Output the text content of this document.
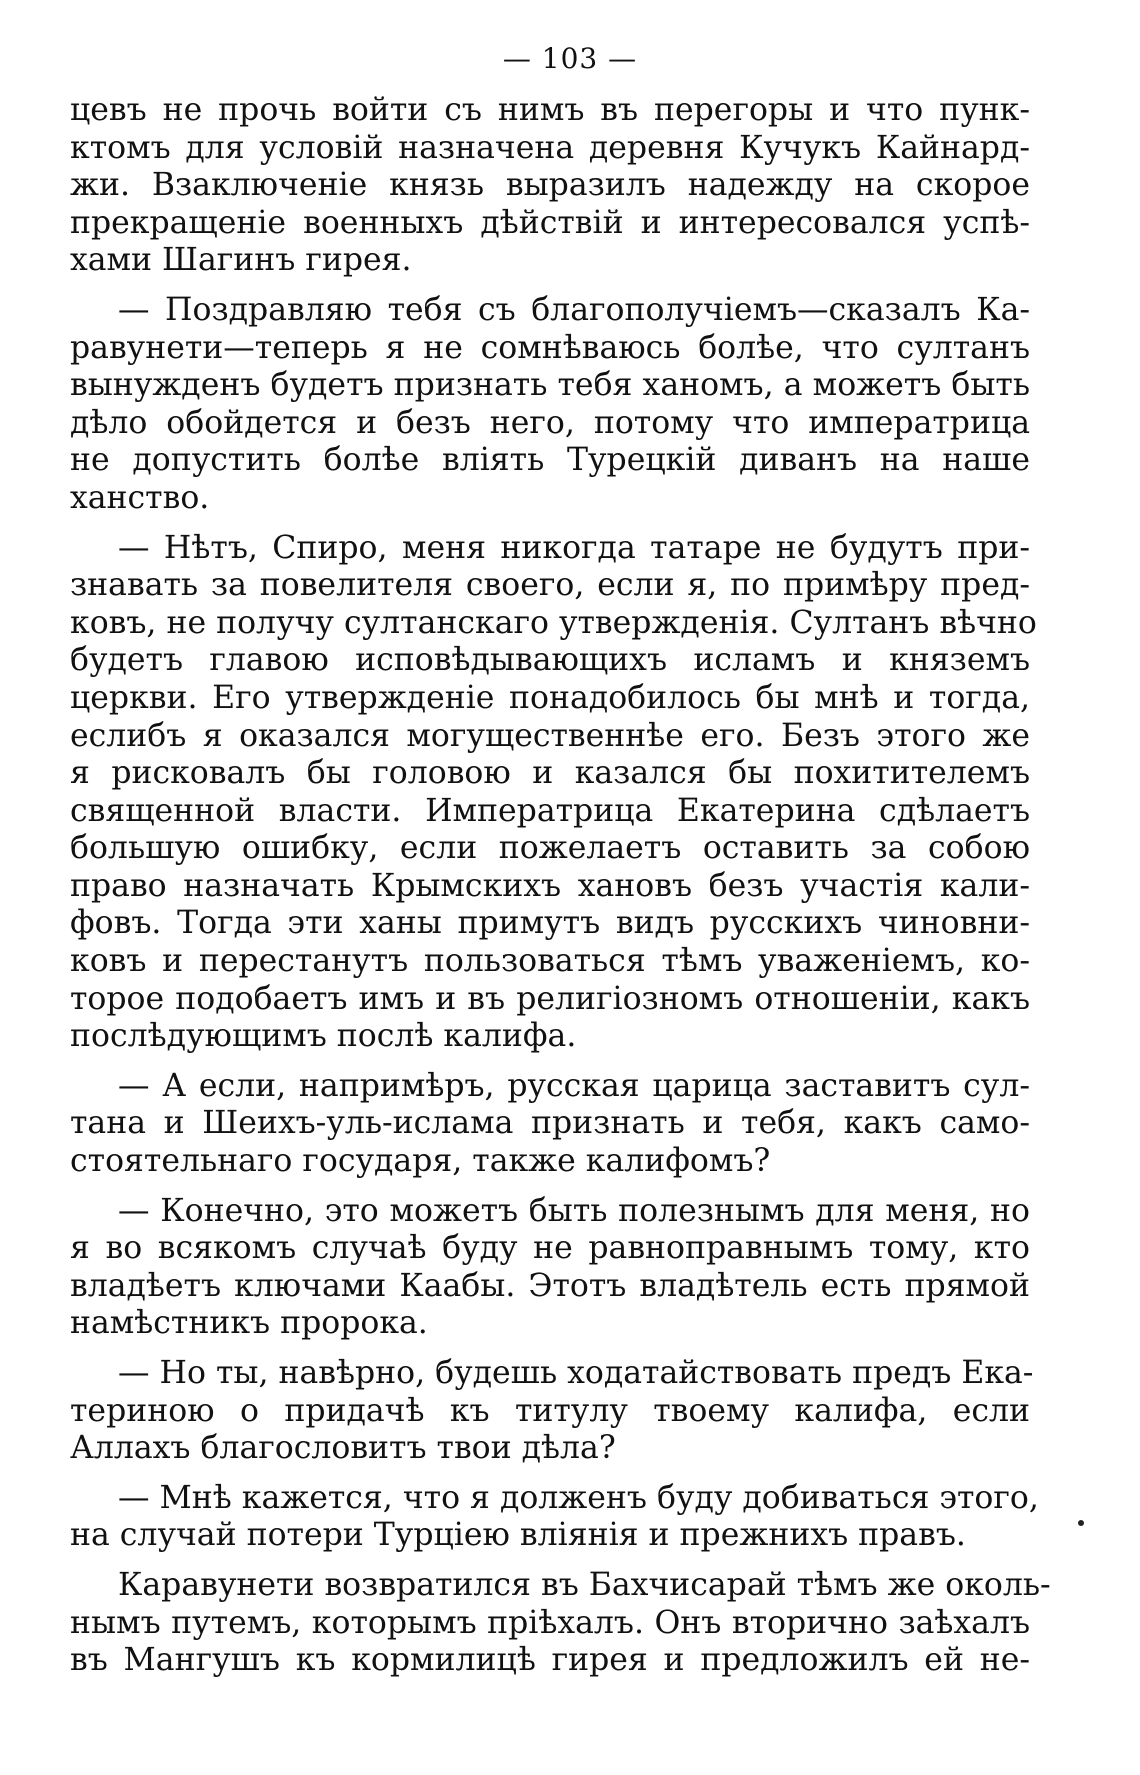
— 103 —
цевъ не прочь войти съ нимъ въ перегоры и что пунк-
ктомъ для условій назначена деревня Кучукъ Кайнард-
жи. Взаключеніе князь выразилъ надежду на скорое
прекращеніе военныхъ дѣйствій и интересовался успѣ-
хами Шагинъ гирея.
— Поздравляю тебя съ благополучіемъ—сказалъ Ка-
равунети—теперь я не сомнѣваюсь болѣе, что султанъ
вынужденъ будетъ признать тебя ханомъ, а можетъ быть
дѣло обойдется и безъ него, потому что императрица
не допустить болѣе влiять Турецкій диванъ на наше
ханство.
— Нѣтъ, Спиро, меня никогда татаре не будутъ при-
знавать за повелителя своего, если я, по примѣру пред-
ковъ, не получу султанскаго утвержденія. Султанъ вѣчно
будетъ главою исповѣдывающихъ исламъ и княземъ
церкви. Его утвержденіе понадобилось бы мнѣ и тогда,
еслибъ я оказался могущественнѣе его. Безъ этого же
я рисковалъ бы головою и казался бы похитителемъ
священной власти. Императрица Екатерина сдѣлаетъ
большую ошибку, если пожелаетъ оставить за собою
право назначать Крымскихъ хановъ безъ участія кали-
фовъ. Тогда эти ханы примутъ видъ русскихъ чиновни-
ковъ и перестанутъ пользоваться тѣмъ уваженіемъ, ко-
торое подобаетъ имъ и въ религіозномъ отношеніи, какъ
послѣдующимъ послѣ калифа.
— А если, напримѣръ, русская царица заставитъ сул-
тана и Шеихъ-уль-ислама признать и тебя, какъ само-
стоятельнаго государя, также калифомъ?
— Конечно, это можетъ быть полезнымъ для меня, но
я во всякомъ случаѣ буду не равноправнымъ тому, кто
владѣетъ ключами Каабы. Этотъ владѣтель есть прямой
намѣстникъ пророка.
— Но ты, навѣрно, будешь ходатайствовать предъ Ека-
териною о придачѣ къ титулу твоему калифа, если
Аллахъ благословитъ твои дѣла?
— Мнѣ кажется, что я долженъ буду добиваться этого,
на случай потери Турціею вліянія и прежнихъ правъ.
Каравунети возвратился въ Бахчисарай тѣмъ же околь-
нымъ путемъ, которымъ пріѣхалъ. Онъ вторично заѣхалъ
въ Мангушъ къ кормилицѣ гирея и предложилъ ей не-
